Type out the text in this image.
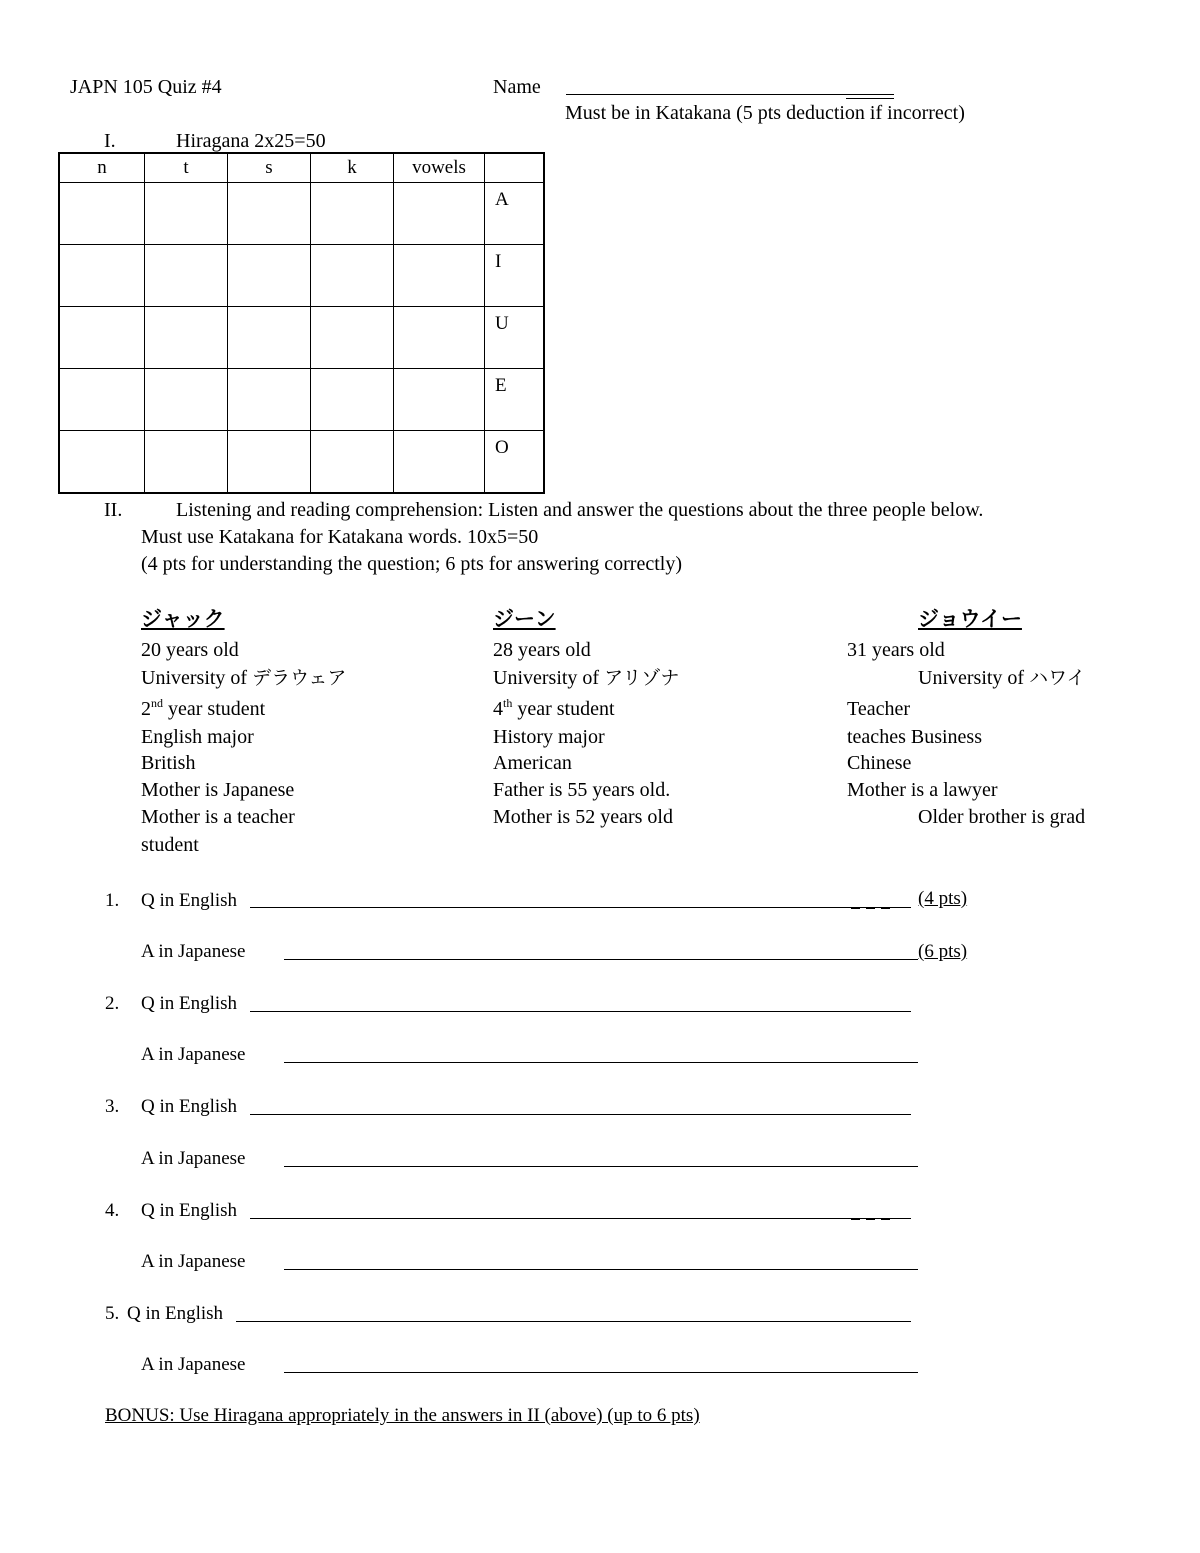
JAPN 105 Quiz #4	Name
Must be in Katakana (5 pts deduction if incorrect)
I.	Hiragana 2x25=50
n	t	s	k	vowels	
					A
					I
					U
					E
					O
II.	Listening and reading comprehension: Listen and answer the questions about the three people below.
Must use Katakana for Katakana words. 10x5=50
(4 pts for understanding the question; 6 pts for answering correctly)
ジャック
20 years old
University of デラウェア
2nd year student
English major
British
Mother is Japanese
Mother is a teacher
student
ジーン
28 years old
University of アリゾナ
4th year student
History major
American
Father is 55 years old.
Mother is 52 years old
ジョウイー
31 years old
University of ハワイ
Teacher
teaches Business
Chinese
Mother is a lawyer
Older brother is grad
1. Q in English	(4 pts)
A in Japanese	(6 pts)
2. Q in English
A in Japanese
3. Q in English
A in Japanese
4. Q in English
A in Japanese
5. Q in English
A in Japanese
BONUS: Use Hiragana appropriately in the answers in II (above) (up to 6 pts)
